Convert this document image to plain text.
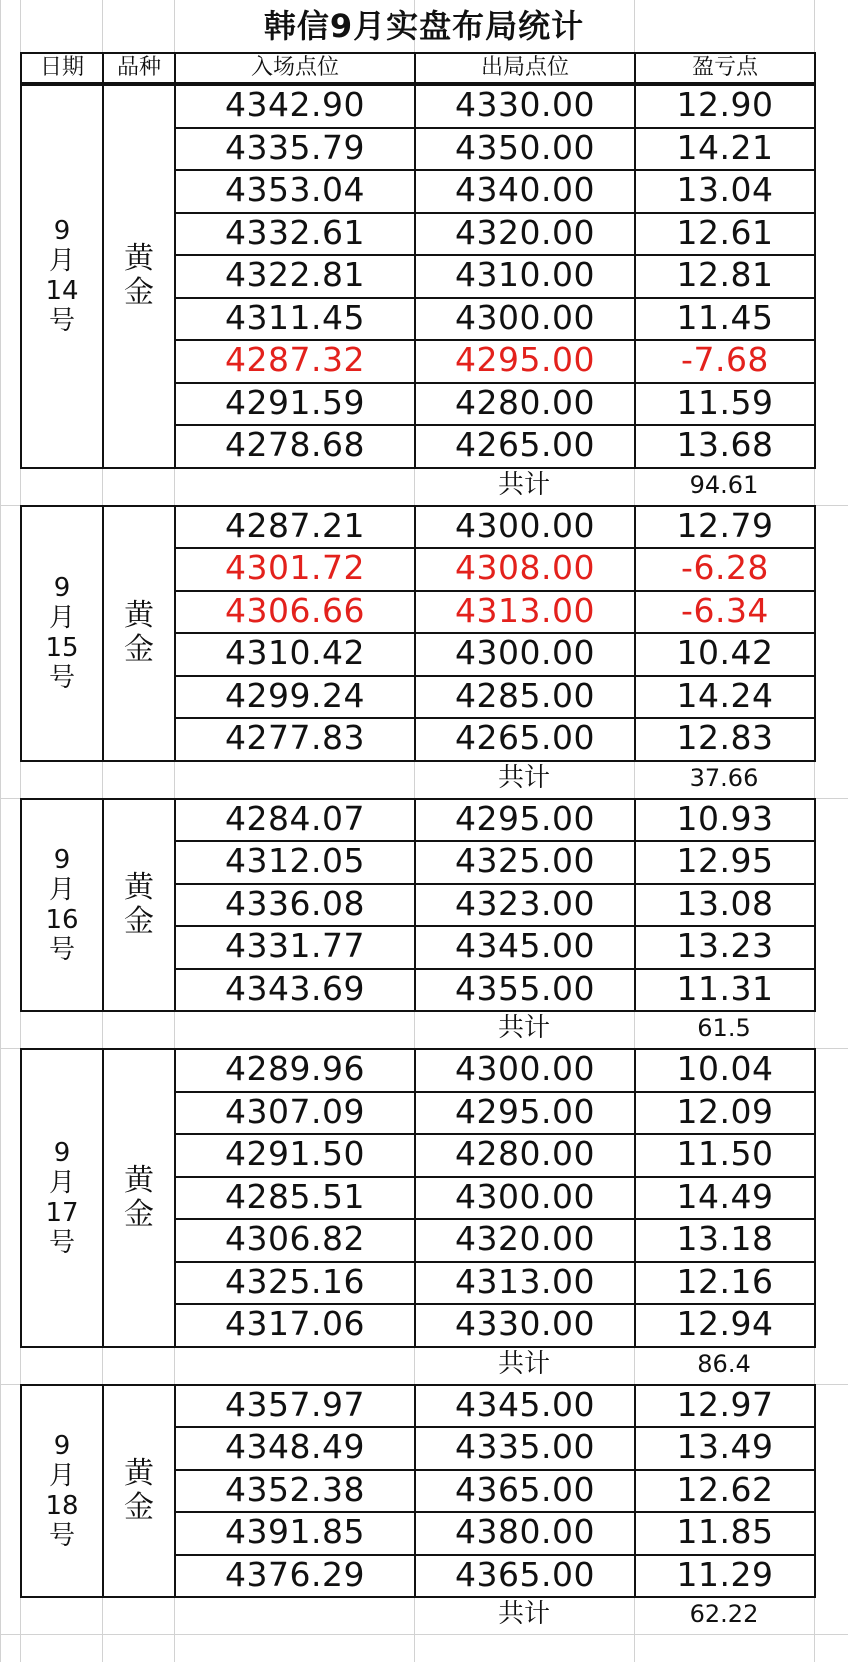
韩信9月实盘布局统计
日期	品种	入场点位	出局点位	盈亏点
9
月
14
号
黄
金
4342.90	4330.00	12.90
4335.79	4350.00	14.21
4353.04	4340.00	13.04
4332.61	4320.00	12.61
4322.81	4310.00	12.81
4311.45	4300.00	11.45
4287.32	4295.00	-7.68
4291.59	4280.00	11.59
4278.68	4265.00	13.68
共计	94.61
9
月
15
号
黄
金
4287.21	4300.00	12.79
4301.72	4308.00	-6.28
4306.66	4313.00	-6.34
4310.42	4300.00	10.42
4299.24	4285.00	14.24
4277.83	4265.00	12.83
共计	37.66
9
月
16
号
黄
金
4284.07	4295.00	10.93
4312.05	4325.00	12.95
4336.08	4323.00	13.08
4331.77	4345.00	13.23
4343.69	4355.00	11.31
共计	61.5
9
月
17
号
黄
金
4289.96	4300.00	10.04
4307.09	4295.00	12.09
4291.50	4280.00	11.50
4285.51	4300.00	14.49
4306.82	4320.00	13.18
4325.16	4313.00	12.16
4317.06	4330.00	12.94
共计	86.4
9
月
18
号
黄
金
4357.97	4345.00	12.97
4348.49	4335.00	13.49
4352.38	4365.00	12.62
4391.85	4380.00	11.85
4376.29	4365.00	11.29
共计	62.22
